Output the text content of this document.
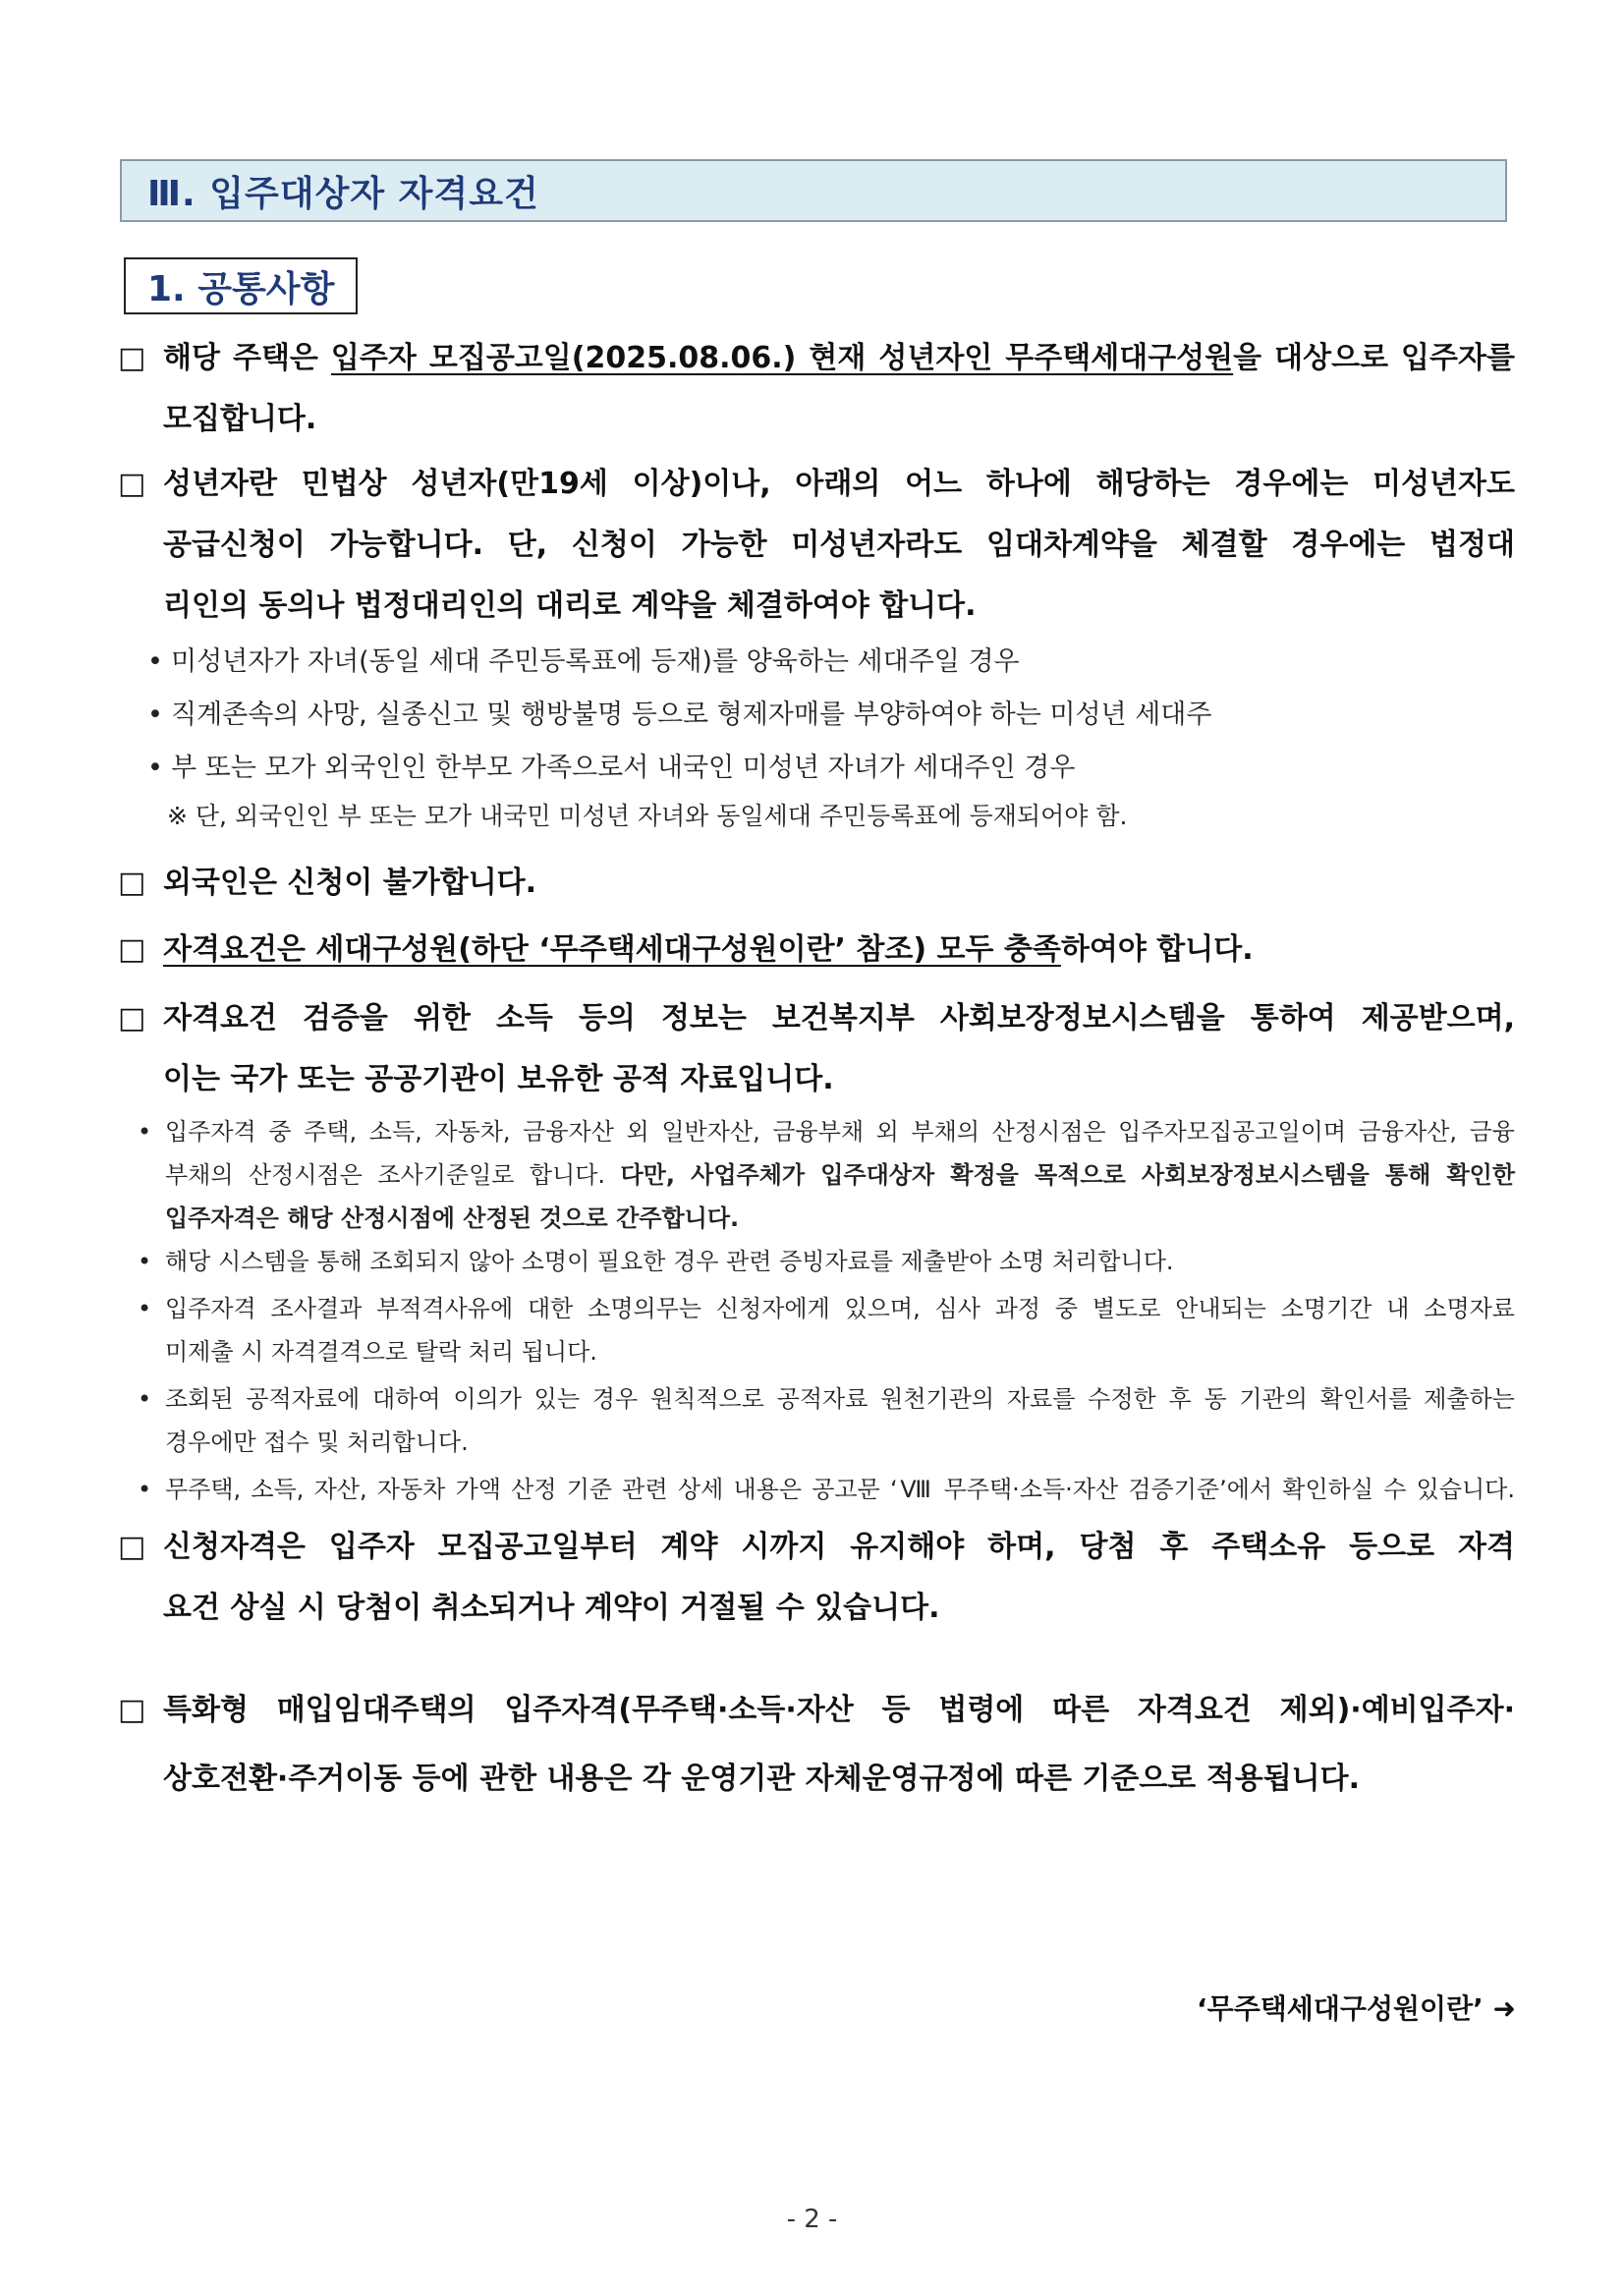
Ⅲ. 입주대상자 자격요건
1. 공통사항
□ 해당 주택은 입주자 모집공고일(2025.08.06.) 현재 성년자인 무주택세대구성원을 대상으로 입주자를
모집합니다.
□ 성년자란 민법상 성년자(만19세 이상)이나, 아래의 어느 하나에 해당하는 경우에는 미성년자도
공급신청이 가능합니다. 단, 신청이 가능한 미성년자라도 임대차계약을 체결할 경우에는 법정대
리인의 동의나 법정대리인의 대리로 계약을 체결하여야 합니다.
• 미성년자가 자녀(동일 세대 주민등록표에 등재)를 양육하는 세대주일 경우
• 직계존속의 사망, 실종신고 및 행방불명 등으로 형제자매를 부양하여야 하는 미성년 세대주
• 부 또는 모가 외국인인 한부모 가족으로서 내국인 미성년 자녀가 세대주인 경우
※ 단, 외국인인 부 또는 모가 내국민 미성년 자녀와 동일세대 주민등록표에 등재되어야 함.
□ 외국인은 신청이 불가합니다.
□ 자격요건은 세대구성원(하단 ‘무주택세대구성원이란’ 참조) 모두 충족하여야 합니다.
□ 자격요건 검증을 위한 소득 등의 정보는 보건복지부 사회보장정보시스템을 통하여 제공받으며,
이는 국가 또는 공공기관이 보유한 공적 자료입니다.
• 입주자격 중 주택, 소득, 자동차, 금융자산 외 일반자산, 금융부채 외 부채의 산정시점은 입주자모집공고일이며 금융자산, 금융
부채의 산정시점은 조사기준일로 합니다. 다만, 사업주체가 입주대상자 확정을 목적으로 사회보장정보시스템을 통해 확인한
입주자격은 해당 산정시점에 산정된 것으로 간주합니다.
• 해당 시스템을 통해 조회되지 않아 소명이 필요한 경우 관련 증빙자료를 제출받아 소명 처리합니다.
• 입주자격 조사결과 부적격사유에 대한 소명의무는 신청자에게 있으며, 심사 과정 중 별도로 안내되는 소명기간 내 소명자료
미제출 시 자격결격으로 탈락 처리 됩니다.
• 조회된 공적자료에 대하여 이의가 있는 경우 원칙적으로 공적자료 원천기관의 자료를 수정한 후 동 기관의 확인서를 제출하는
경우에만 접수 및 처리합니다.
• 무주택, 소득, 자산, 자동차 가액 산정 기준 관련 상세 내용은 공고문 ‘Ⅷ 무주택·소득·자산 검증기준’에서 확인하실 수 있습니다.
□ 신청자격은 입주자 모집공고일부터 계약 시까지 유지해야 하며, 당첨 후 주택소유 등으로 자격
요건 상실 시 당첨이 취소되거나 계약이 거절될 수 있습니다.
□ 특화형 매입임대주택의 입주자격(무주택·소득·자산 등 법령에 따른 자격요건 제외)·예비입주자·
상호전환·주거이동 등에 관한 내용은 각 운영기관 자체운영규정에 따른 기준으로 적용됩니다.
‘무주택세대구성원이란’ ➜
- 2 -
